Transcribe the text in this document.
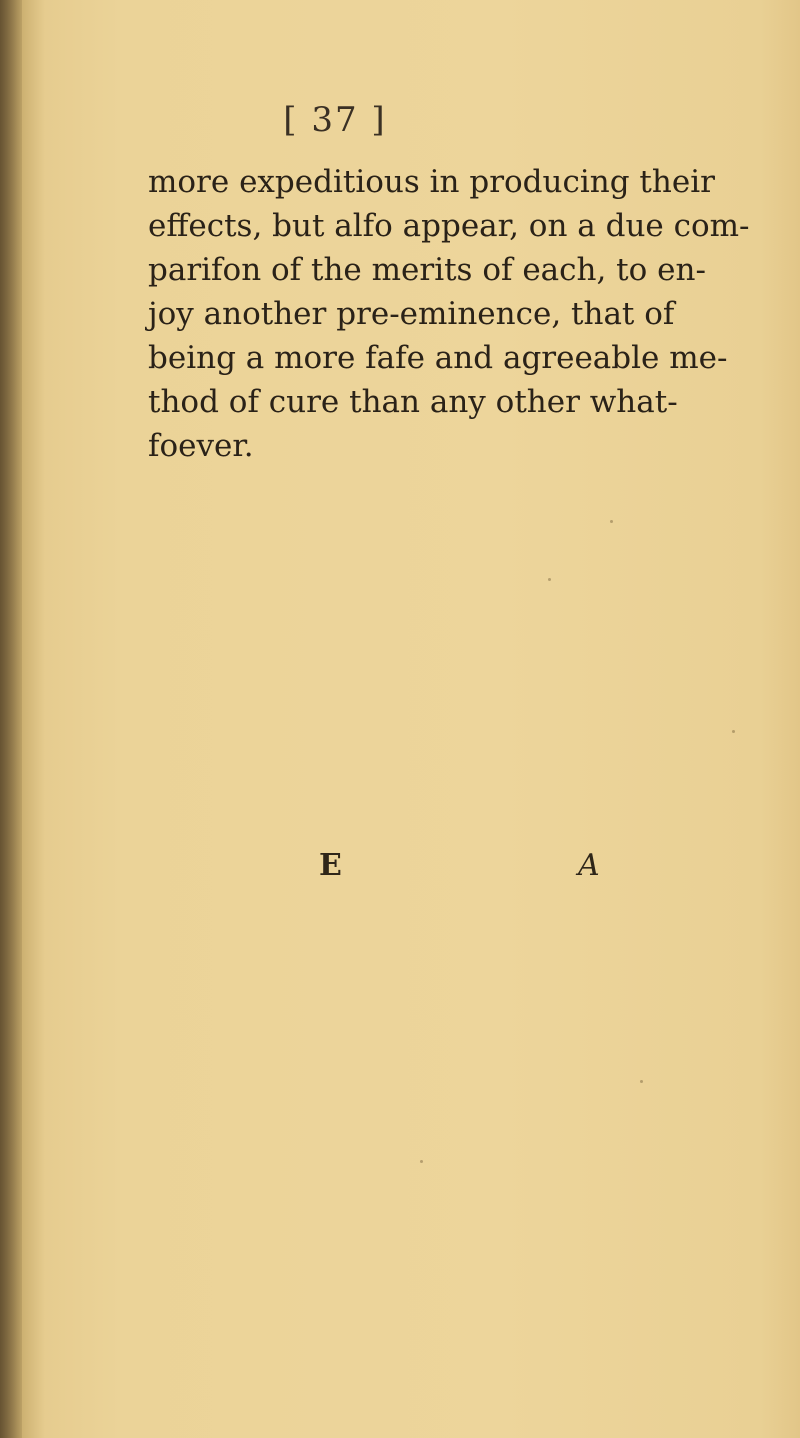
[ 37 ]
more expeditious in producing their
effects, but alfo appear, on a due com-
parifon of the merits of each, to en-
joy another pre-eminence, that of
being a more fafe and agreeable me-
thod of cure than any other what-
foever.
E	A
